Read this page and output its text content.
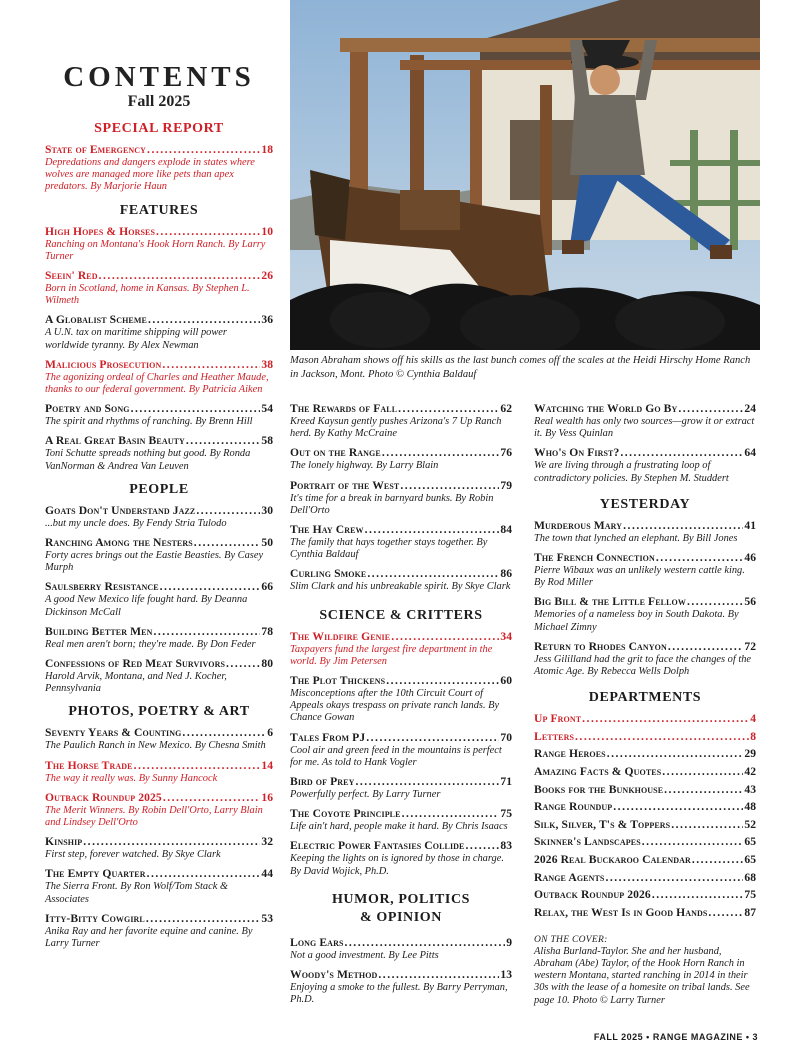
CONTENTS
Fall 2025
SPECIAL REPORT
State of Emergency .....	18
Depredations and dangers explode in states where wolves are managed more like pets than apex predators. By Marjorie Haun
FEATURES
High Hopes & Horses .....	10
Ranching on Montana's Hook Horn Ranch. By Larry Turner
Seein' Red .....	26
Born in Scotland, home in Kansas. By Stephen L. Wilmeth
A Globalist Scheme .....	36
A U.N. tax on maritime shipping will power worldwide tyranny. By Alex Newman
Malicious Prosecution .....	38
The agonizing ordeal of Charles and Heather Maude, thanks to our federal government. By Patricia Aiken
Poetry and Song .....	54
The spirit and rhythms of ranching. By Brenn Hill
A Real Great Basin Beauty .....	58
Toni Schutte spreads nothing but good. By Ronda VanNorman & Andrea Van Leuven
PEOPLE
Goats Don't Understand Jazz .....	30
...but my uncle does. By Fendy Stria Tulodo
Ranching Among the Nesters .....	50
Forty acres brings out the Eastie Beasties. By Casey Murph
Saulsberry Resistance .....	66
A good New Mexico life fought hard. By Deanna Dickinson McCall
Building Better Men .....	78
Real men aren't born; they're made. By Don Feder
Confessions of Red Meat Survivors .....	80
Harold Arvik, Montana, and Ned J. Kocher, Pennsylvania
PHOTOS, POETRY & ART
Seventy Years & Counting .....	6
The Paulich Ranch in New Mexico. By Chesna Smith
The Horse Trade .....	14
The way it really was. By Sunny Hancock
Outback Roundup 2025 .....	16
The Merit Winners. By Robin Dell'Orto, Larry Blain and Lindsey Dell'Orto
Kinship .....	32
First step, forever watched. By Skye Clark
The Empty Quarter .....	44
The Sierra Front. By Ron Wolf/Tom Stack & Associates
Itty-Bitty Cowgirl .....	53
Anika Ray and her favorite equine and canine. By Larry Turner
Mason Abraham shows off his skills as the last bunch comes off the scales at the Heidi Hirschy Home Ranch in Jackson, Mont. Photo © Cynthia Baldauf
The Rewards of Fall .....	62
Kreed Kaysun gently pushes Arizona's 7 Up Ranch herd. By Kathy McCraine
Out on the Range .....	76
The lonely highway. By Larry Blain
Portrait of the West .....	79
It's time for a break in barnyard bunks. By Robin Dell'Orto
The Hay Crew .....	84
The family that hays together stays together. By Cynthia Baldauf
Curling Smoke .....	86
Slim Clark and his unbreakable spirit. By Skye Clark
SCIENCE & CRITTERS
The Wildfire Genie .....	34
Taxpayers fund the largest fire department in the world. By Jim Petersen
The Plot Thickens .....	60
Misconceptions after the 10th Circuit Court of Appeals okays trespass on private ranch lands. By Chance Gowan
Tales From PJ .....	70
Cool air and green feed in the mountains is perfect for me. As told to Hank Vogler
Bird of Prey .....	71
Powerfully perfect. By Larry Turner
The Coyote Principle .....	75
Life ain't hard, people make it hard. By Chris Isaacs
Electric Power Fantasies Collide .....	83
Keeping the lights on is ignored by those in charge. By David Wojick, Ph.D.
HUMOR, POLITICS
& OPINION
Long Ears .....	9
Not a good investment. By Lee Pitts
Woody's Method .....	13
Enjoying a smoke to the fullest. By Barry Perryman, Ph.D.
Watching the World Go By .....	24
Real wealth has only two sources—grow it or extract it. By Vess Quinlan
Who's On First? .....	64
We are living through a frustrating loop of contradictory policies. By Stephen M. Studdert
YESTERDAY
Murderous Mary .....	41
The town that lynched an elephant. By Bill Jones
The French Connection .....	46
Pierre Wibaux was an unlikely western cattle king. By Rod Miller
Big Bill & the Little Fellow .....	56
Memories of a nameless boy in South Dakota. By Michael Zimny
Return to Rhodes Canyon .....	72
Jess Gililland had the grit to face the changes of the Atomic Age. By Rebecca Wells Dolph
DEPARTMENTS
Up Front .....	4
Letters .....	8
Range Heroes .....	29
Amazing Facts & Quotes .....	42
Books for the Bunkhouse .....	43
Range Roundup .....	48
Silk, Silver, T's & Toppers .....	52
Skinner's Landscapes .....	65
2026 Real Buckaroo Calendar .....	65
Range Agents .....	68
Outback Roundup 2026 .....	75
Relax, the West Is in Good Hands .....	87
ON THE COVER:
Alisha Burland-Taylor. She and her husband, Abraham (Abe) Taylor, of the Hook Horn Ranch in western Montana, started ranching in 2014 in their 30s with the lease of a homesite on tribal lands. See page 10. Photo © Larry Turner
FALL 2025 • RANGE MAGAZINE • 3
